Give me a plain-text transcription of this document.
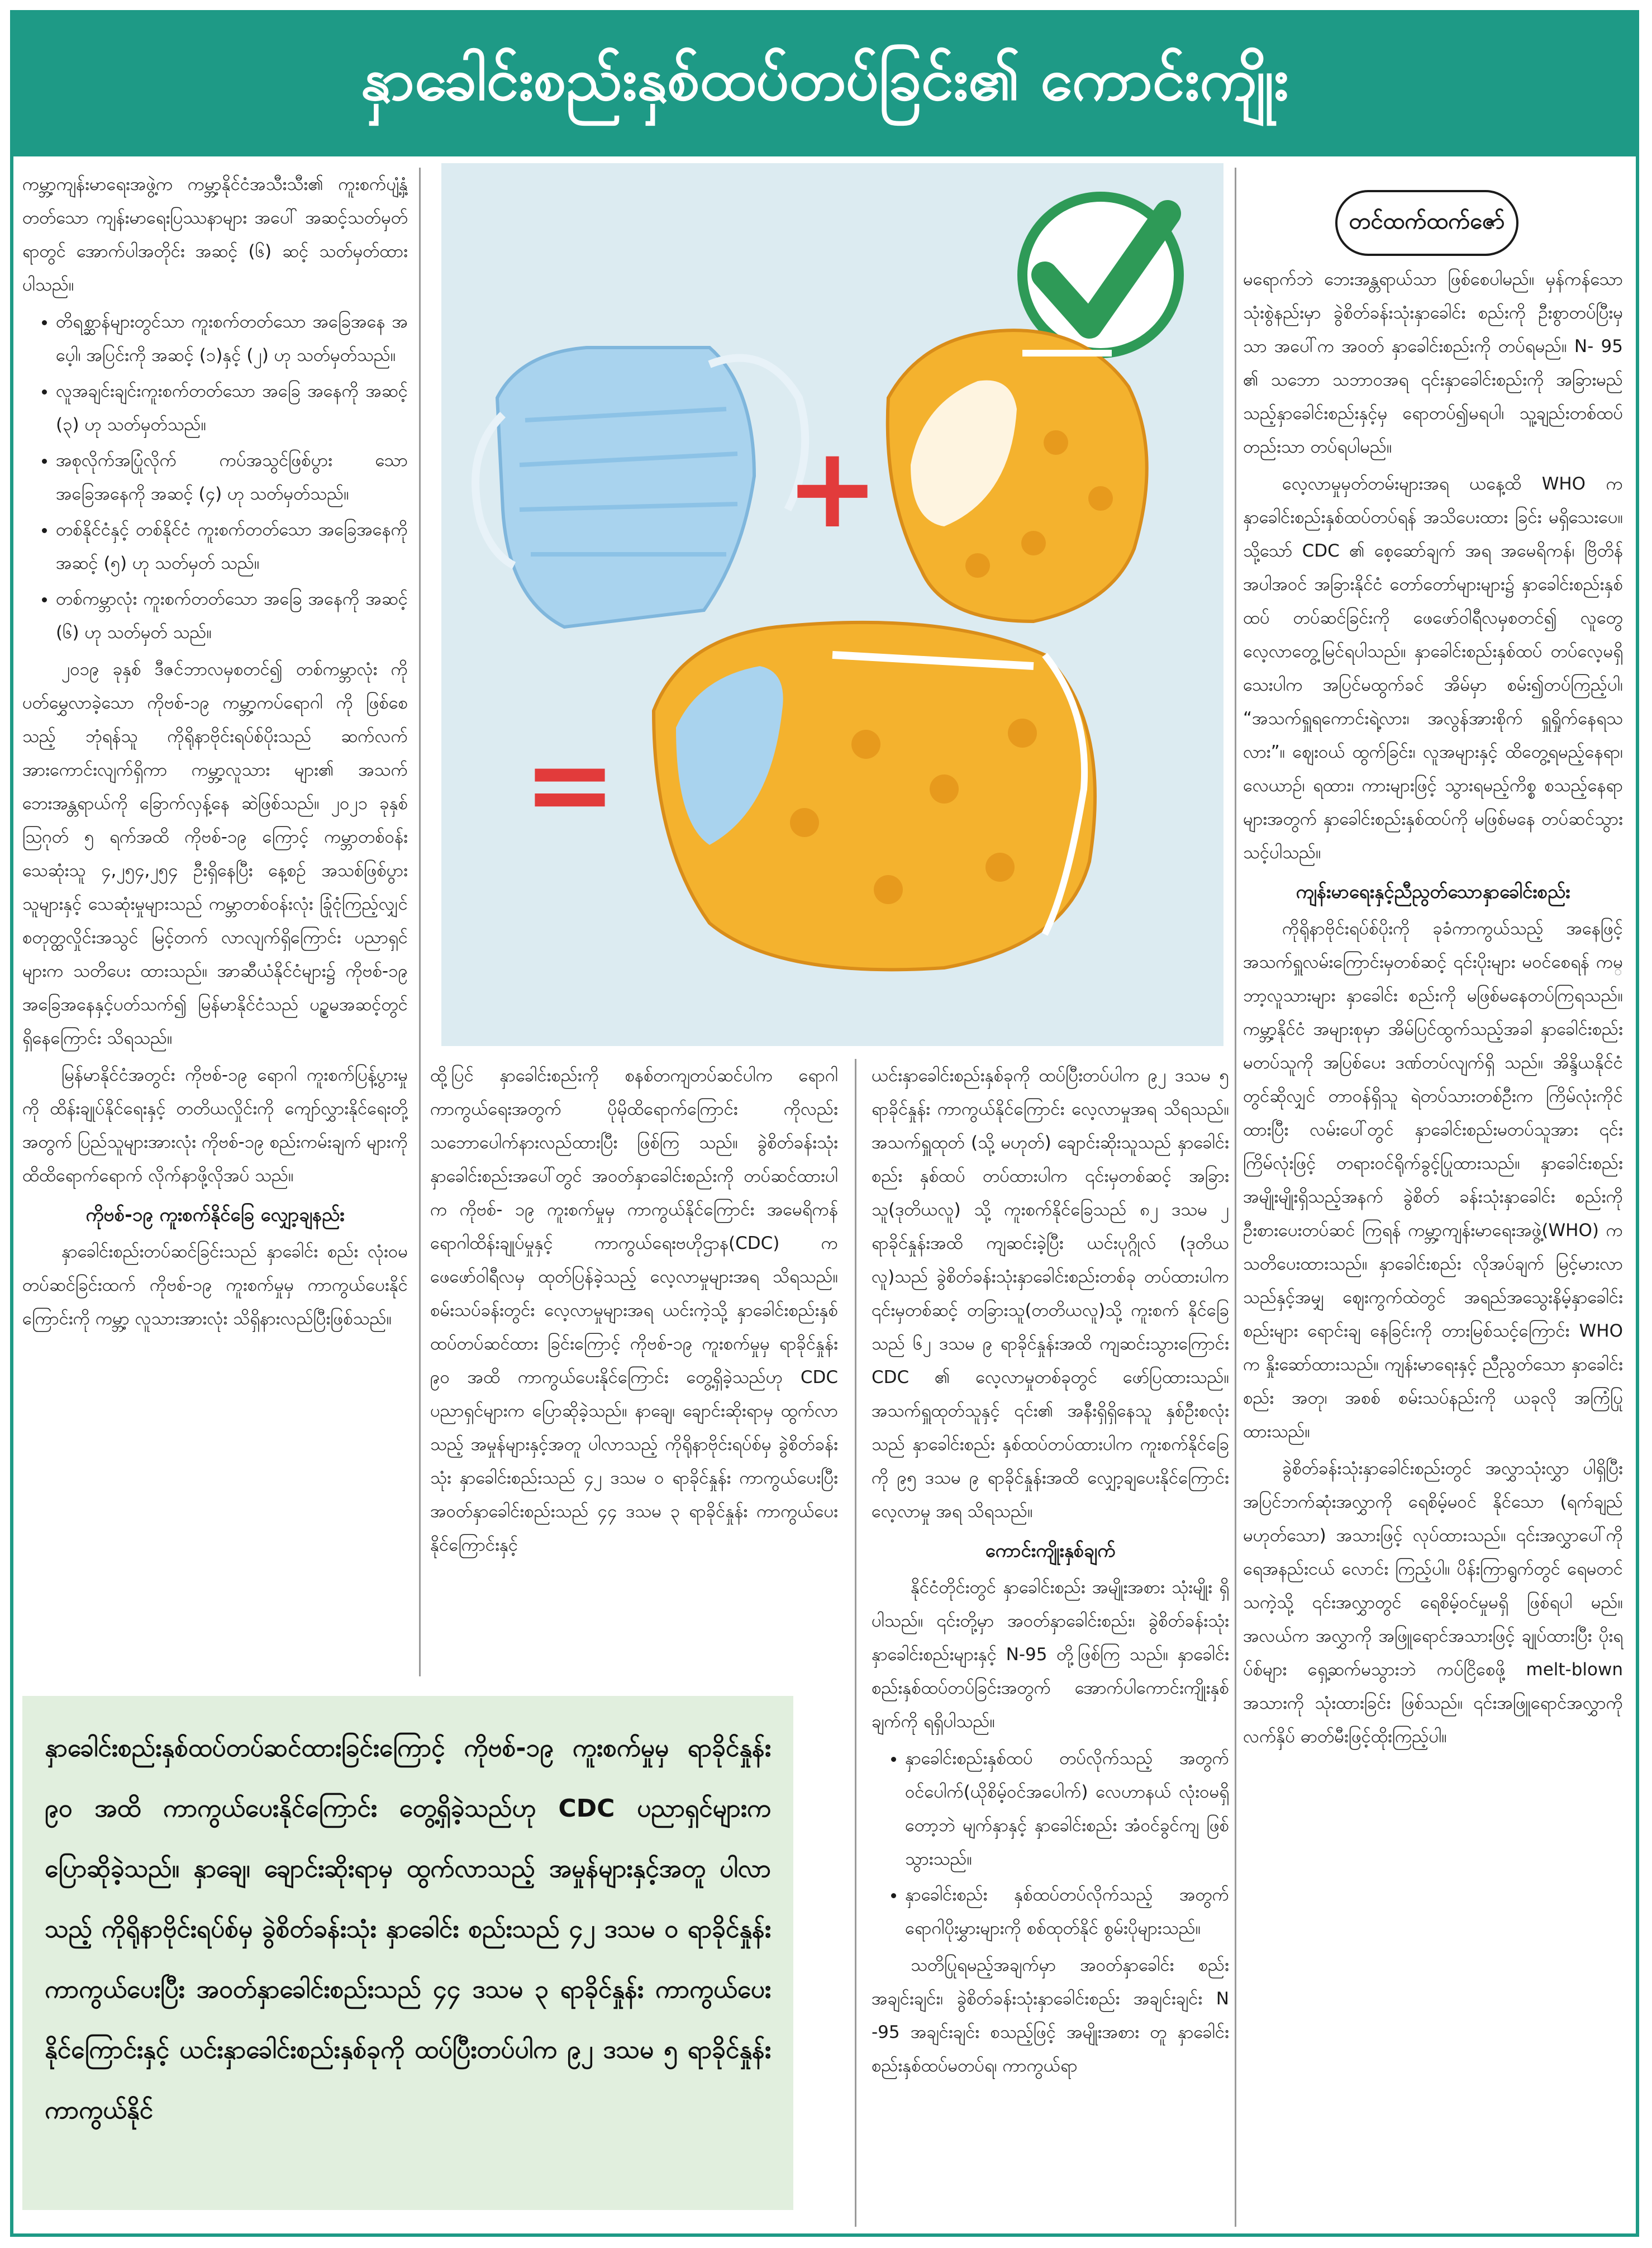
နှာခေါင်းစည်းနှစ်ထပ်တပ်ခြင်း၏ ကောင်းကျိုး

ကမ္ဘာ့ကျန်းမာရေးအဖွဲ့က ကမ္ဘာ့နိုင်ငံအသီးသီး၏ ကူးစက်ပျံ့နှံ့တတ်သော ကျန်းမာရေးပြဿနာများ အပေါ် အဆင့်သတ်မှတ်ရာတွင် အောက်ပါအတိုင်း အဆင့် (၆) ဆင့် သတ်မှတ်ထားပါသည်။

• တိရစ္ဆာန်များတွင်သာ ကူးစက်တတ်သော အခြေအနေ အပေ့ါ၊ အပြင်းကို အဆင့် (၁)နှင့် (၂) ဟု သတ်မှတ်သည်။
• လူအချင်းချင်းကူးစက်တတ်သော အခြေ အနေကို အဆင့် (၃) ဟု သတ်မှတ်သည်။
• အစုလိုက်အပြုံလိုက် ကပ်အသွင်ဖြစ်ပွား သော အခြေအနေကို အဆင့် (၄) ဟု သတ်မှတ်သည်။
• တစ်နိုင်ငံနှင့် တစ်နိုင်ငံ ကူးစက်တတ်သော အခြေအနေကို အဆင့် (၅) ဟု သတ်မှတ် သည်။
• တစ်ကမ္ဘာလုံး ကူးစက်တတ်သော အခြေ အနေကို အဆင့် (၆) ဟု သတ်မှတ် သည်။

၂၀၁၉ ခုနှစ် ဒီဇင်ဘာလမှစတင်၍ တစ်ကမ္ဘာလုံး ကို ပတ်မွှေလာခဲ့သော ကိုဗစ်-၁၉ ကမ္ဘာ့ကပ်ရောဂါ ကို ဖြစ်စေသည့် ဘုံရန်သူ ကိုရိုနာဗိုင်းရပ်စ်ပိုးသည် ဆက်လက်အားကောင်းလျက်ရှိကာ ကမ္ဘာ့လူသား များ၏ အသက်ဘေးအန္တရာယ်ကို ခြောက်လှန့်နေ ဆဲဖြစ်သည်။ ၂၀၂၁ ခုနှစ် ဩဂုတ် ၅ ရက်အထိ ကိုဗစ်-၁၉ ကြောင့် ကမ္ဘာတစ်ဝန်း သေဆုံးသူ ၄,၂၅၄,၂၅၄ ဦးရှိနေပြီး နေ့စဉ် အသစ်ဖြစ်ပွား သူများနှင့် သေဆုံးမှုများသည် ကမ္ဘာတစ်ဝန်းလုံး ခြုံငုံကြည့်လျှင် စတုတ္ထလှိုင်းအသွင် မြင့်တက် လာလျက်ရှိကြောင်း ပညာရှင်များက သတိပေး ထားသည်။ အာဆီယံနိုင်ငံများ၌ ကိုဗစ်-၁၉ အခြေအနေနှင့်ပတ်သက်၍ မြန်မာနိုင်ငံသည် ပဉ္စမအဆင့်တွင် ရှိနေကြောင်း သိရသည်။

မြန်မာနိုင်ငံအတွင်း ကိုဗစ်-၁၉ ရောဂါ ကူးစက်ပြန့်ပွားမှုကို ထိန်းချုပ်နိုင်ရေးနှင့် တတိယလှိုင်းကို ကျော်လွှားနိုင်ရေးတို့အတွက် ပြည်သူများအားလုံး ကိုဗစ်-၁၉ စည်းကမ်းချက် များကို ထိထိရောက်ရောက် လိုက်နာဖို့လိုအပ် သည်။

ကိုဗစ်-၁၉ ကူးစက်နိုင်ခြေ လျှော့ချနည်း

နှာခေါင်းစည်းတပ်ဆင်ခြင်းသည် နှာခေါင်း စည်း လုံးဝမတပ်ဆင်ခြင်းထက် ကိုဗစ်-၁၉ ကူးစက်မှုမှ ကာကွယ်ပေးနိုင်ကြောင်းကို ကမ္ဘာ့ လူသားအားလုံး သိရှိနားလည်ပြီးဖြစ်သည်။

+
=
တင်ထက်ထက်ဇော်

မရောက်ဘဲ ဘေးအန္တရာယ်သာ ဖြစ်စေပါမည်။ မှန်ကန်သော သုံးစွဲနည်းမှာ ခွဲစိတ်ခန်းသုံးနှာခေါင်း စည်းကို ဦးစွာတပ်ပြီးမှသာ အပေါ်က အဝတ် နှာခေါင်းစည်းကို တပ်ရမည်။ N- 95 ၏ သဘော သဘာဝအရ ၎င်းနှာခေါင်းစည်းကို အခြားမည် သည့်နှာခေါင်းစည်းနှင့်မှ ရောတပ်၍မရပါ၊ သူ့ချည်းတစ်ထပ်တည်းသာ တပ်ရပါမည်။

လေ့လာမှုမှတ်တမ်းများအရ ယနေ့ထိ WHO က နှာခေါင်းစည်းနှစ်ထပ်တပ်ရန် အသိပေးထား ခြင်း မရှိသေးပေ။ သို့သော် CDC ၏ စေ့ဆော်ချက် အရ အမေရိကန်၊ ဗြိတိန်အပါအဝင် အခြားနိုင်ငံ တော်တော်များများ၌ နှာခေါင်းစည်းနှစ်ထပ် တပ်ဆင်ခြင်းကို ဖေဖော်ဝါရီလမှစတင်၍ လူတွေ လေ့လာတွေ့မြင်ရပါသည်။ နှာခေါင်းစည်းနှစ်ထပ် တပ်လေ့မရှိသေးပါက အပြင်မထွက်ခင် အိမ်မှာ စမ်း၍တပ်ကြည့်ပါ၊ “အသက်ရှူရကောင်းရဲ့လား၊ အလွန်အားစိုက် ရှူရှိုက်နေရသလား”။ ဈေးဝယ် ထွက်ခြင်း၊ လူအများနှင့် ထိတွေ့ရမည့်နေရာ၊ လေယာဉ်၊ ရထား၊ ကားများဖြင့် သွားရမည့်ကိစ္စ စသည့်နေရာများအတွက် နှာခေါင်းစည်းနှစ်ထပ်ကို မဖြစ်မနေ တပ်ဆင်သွားသင့်ပါသည်။

ကျန်းမာရေးနှင့်ညီညွတ်သောနှာခေါင်းစည်း

ကိုရိုနာဗိုင်းရပ်စ်ပိုးကို ခုခံကာကွယ်သည့် အနေဖြင့် အသက်ရှူလမ်းကြောင်းမှတစ်ဆင့် ၎င်းပိုးများ မဝင်စေရန် ကမ္ဘာ့လူသားများ နှာခေါင်း စည်းကို မဖြစ်မနေတပ်ကြရသည်။ ကမ္ဘာ့နိုင်ငံ အများစုမှာ အိမ်ပြင်ထွက်သည့်အခါ နှာခေါင်းစည်း မတပ်သူကို အပြစ်ပေး ဒဏ်တပ်လျက်ရှိ သည်။ အိန္ဒိယနိုင်ငံတွင်ဆိုလျှင် တာဝန်ရှိသူ ရဲတပ်သားတစ်ဦးက ကြိမ်လုံးကိုင်ထားပြီး လမ်းပေါ်တွင် နှာခေါင်းစည်းမတပ်သူအား ၎င်းကြိမ်လုံးဖြင့် တရားဝင်ရိုက်ခွင့်ပြုထားသည်။ နှာခေါင်းစည်း အမျိုးမျိုးရှိသည့်အနက် ခွဲစိတ် ခန်းသုံးနှာခေါင်း စည်းကို ဦးစားပေးတပ်ဆင် ကြရန် ကမ္ဘာ့ကျန်းမာရေးအဖွဲ့(WHO) က သတိပေးထားသည်။ နှာခေါင်းစည်း လိုအပ်ချက် မြင့်မားလာသည်နှင့်အမျှ ဈေးကွက်ထဲတွင် အရည်အသွေးနိမ့်နှာခေါင်းစည်းများ ရောင်းချ နေခြင်းကို တားမြစ်သင့်ကြောင်း WHO က နှိုးဆော်ထားသည်။ ကျန်းမာရေးနှင့် ညီညွတ်သော နှာခေါင်းစည်း အတု၊ အစစ် စမ်းသပ်နည်းကို ယခုလို အကြံပြုထားသည်။

ခွဲစိတ်ခန်းသုံးနှာခေါင်းစည်းတွင် အလွှာသုံးလွှာ ပါရှိပြီး အပြင်ဘက်ဆုံးအလွှာကို ရေစိမ့်မဝင် နိုင်သော (ရက်ချည်မဟုတ်သော) အသားဖြင့် လုပ်ထားသည်။ ၎င်းအလွှာပေါ်ကို ရေအနည်းငယ် လောင်း ကြည့်ပါ။ ပိန်းကြာရွက်တွင် ရေမတင် သကဲ့သို့ ၎င်းအလွှာတွင် ရေစိမ့်ဝင်မှုမရှိ ဖြစ်ရပါ မည်။ အလယ်က အလွှာကို အဖြူရောင်အသားဖြင့် ချုပ်ထားပြီး ပိုးရပ်စ်များ ရှေ့ဆက်မသွားဘဲ ကပ်ငြိစေဖို့ melt-blown အသားကို သုံးထားခြင်း ဖြစ်သည်။ ၎င်းအဖြူရောင်အလွှာကို လက်နှိပ် ဓာတ်မီးဖြင့်ထိုးကြည့်ပါ။

ထို့ပြင် နှာခေါင်းစည်းကို စနစ်တကျတပ်ဆင်ပါက ရောဂါကာကွယ်ရေးအတွက် ပိုမိုထိရောက်ကြောင်း ကိုလည်း သဘောပေါက်နားလည်ထားပြီး ဖြစ်ကြ သည်။ ခွဲစိတ်ခန်းသုံးနှာခေါင်းစည်းအပေါ်တွင် အဝတ်နှာခေါင်းစည်းကို တပ်ဆင်ထားပါက ကိုဗစ်- ၁၉ ကူးစက်မှုမှ ကာကွယ်နိုင်ကြောင်း အမေရိကန် ရောဂါထိန်းချုပ်မှုနှင့် ကာကွယ်ရေးဗဟိုဌာန(CDC) က ဖေဖော်ဝါရီလမှ ထုတ်ပြန်ခဲ့သည့် လေ့လာမှုများအရ သိရသည်။ စမ်းသပ်ခန်းတွင်း လေ့လာမှုများအရ ယင်းကဲ့သို့ နှာခေါင်းစည်းနှစ်ထပ်တပ်ဆင်ထား ခြင်းကြောင့် ကိုဗစ်-၁၉ ကူးစက်မှုမှ ရာခိုင်နှုန်း ၉၀ အထိ ကာကွယ်ပေးနိုင်ကြောင်း တွေ့ရှိခဲ့သည်ဟု CDC ပညာရှင်များက ပြောဆိုခဲ့သည်။ နာချေ၊ ချောင်းဆိုးရာမှ ထွက်လာသည့် အမှုန်များနှင့်အတူ ပါလာသည့် ကိုရိုနာဗိုင်းရပ်စ်မှ ခွဲစိတ်ခန်းသုံး နှာခေါင်းစည်းသည် ၄၂ ဒသမ ၀ ရာခိုင်နှုန်း ကာကွယ်ပေးပြီး အဝတ်နှာခေါင်းစည်းသည် ၄၄ ဒသမ ၃ ရာခိုင်နှုန်း ကာကွယ်ပေးနိုင်ကြောင်းနှင့်

ယင်းနှာခေါင်းစည်းနှစ်ခုကို ထပ်ပြီးတပ်ပါက ၉၂ ဒသမ ၅ ရာခိုင်နှုန်း ကာကွယ်နိုင်ကြောင်း လေ့လာမှုအရ သိရသည်။ အသက်ရှူထုတ် (သို့ မဟုတ်) ချောင်းဆိုးသူသည် နှာခေါင်းစည်း နှစ်ထပ် တပ်ထားပါက ၎င်းမှတစ်ဆင့် အခြားသူ(ဒုတိယလူ) သို့ ကူးစက်နိုင်ခြေသည် ၈၂ ဒသမ ၂ ရာခိုင်နှုန်းအထိ ကျဆင်းခဲ့ပြီး ယင်းပုဂ္ဂိုလ် (ဒုတိယလူ)သည် ခွဲစိတ်ခန်းသုံးနှာခေါင်းစည်းတစ်ခု တပ်ထားပါက ၎င်းမှတစ်ဆင့် တခြားသူ(တတိယလူ)သို့ ကူးစက် နိုင်ခြေသည် ၆၂ ဒသမ ၉ ရာခိုင်နှုန်းအထိ ကျဆင်းသွားကြောင်း CDC ၏ လေ့လာမှုတစ်ခုတွင် ဖော်ပြထားသည်။ အသက်ရှူထုတ်သူနှင့် ၎င်း၏ အနီးရှိရှိနေသူ နှစ်ဦးစလုံးသည် နှာခေါင်းစည်း နှစ်ထပ်တပ်ထားပါက ကူးစက်နိုင်ခြေကို ၉၅ ဒသမ ၉ ရာခိုင်နှုန်းအထိ လျှော့ချပေးနိုင်ကြောင်း လေ့လာမှု အရ သိရသည်။

ကောင်းကျိုးနှစ်ချက်

နိုင်ငံတိုင်းတွင် နှာခေါင်းစည်း အမျိုးအစား သုံးမျိုး ရှိပါသည်။ ၎င်းတို့မှာ အဝတ်နှာခေါင်းစည်း၊ ခွဲစိတ်ခန်းသုံး နှာခေါင်းစည်းများနှင့် N-95 တို့ဖြစ်ကြ သည်။ နှာခေါင်းစည်းနှစ်ထပ်တပ်ခြင်းအတွက် အောက်ပါကောင်းကျိုးနှစ်ချက်ကို ရရှိပါသည်။

• နှာခေါင်းစည်းနှစ်ထပ် တပ်လိုက်သည့် အတွက် ဝင်ပေါက်(ယိုစိမ့်ဝင်အပေါက်) လေဟာနယ် လုံးဝမရှိတော့ဘဲ မျက်နှာနှင့် နှာခေါင်းစည်း အံဝင်ခွင်ကျ ဖြစ်သွားသည်။
• နှာခေါင်းစည်း နှစ်ထပ်တပ်လိုက်သည့် အတွက် ရောဂါပိုးမွှားများကို စစ်ထုတ်နိုင် စွမ်းပိုများသည်။

သတိပြုရမည့်အချက်မှာ အဝတ်နှာခေါင်း စည်းအချင်းချင်း၊ ခွဲစိတ်ခန်းသုံးနှာခေါင်းစည်း အချင်းချင်း N -95 အချင်းချင်း စသည့်ဖြင့် အမျိုးအစား တူ နှာခေါင်းစည်းနှစ်ထပ်မတပ်ရ၊ ကာကွယ်ရာ

နှာခေါင်းစည်းနှစ်ထပ်တပ်ဆင်ထားခြင်းကြောင့် ကိုဗစ်-၁၉ ကူးစက်မှုမှ ရာခိုင်နှုန်း ၉၀ အထိ ကာကွယ်ပေးနိုင်ကြောင်း တွေ့ရှိခဲ့သည်ဟု CDC ပညာရှင်များက ပြောဆိုခဲ့သည်။ နှာချေ၊ ချောင်းဆိုးရာမှ ထွက်လာသည့် အမှုန်များနှင့်အတူ ပါလာသည့် ကိုရိုနာဗိုင်းရပ်စ်မှ ခွဲစိတ်ခန်းသုံး နှာခေါင်း စည်းသည် ၄၂ ဒသမ ၀ ရာခိုင်နှုန်း ကာကွယ်ပေးပြီး အဝတ်နှာခေါင်းစည်းသည် ၄၄ ဒသမ ၃ ရာခိုင်နှုန်း ကာကွယ်ပေးနိုင်ကြောင်းနှင့် ယင်းနှာခေါင်းစည်းနှစ်ခုကို ထပ်ပြီးတပ်ပါက ၉၂ ဒသမ ၅ ရာခိုင်နှုန်း ကာကွယ်နိုင်
